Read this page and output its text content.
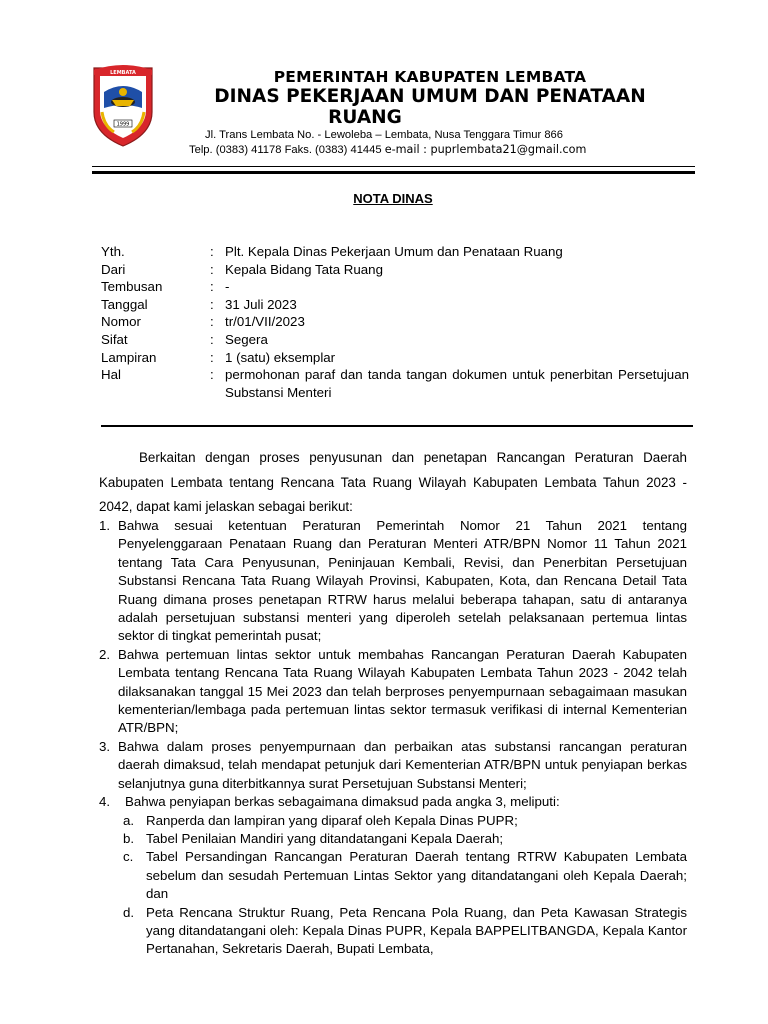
LEMBATA
1999
PEMERINTAH KABUPATEN LEMBATA
DINAS PEKERJAAN UMUM DAN PENATAAN
RUANG
Jl. Trans Lembata No. - Lewoleba – Lembata, Nusa Tenggara Timur 866
Telp. (0383) 41178 Faks. (0383) 41445 e-mail : puprlembata21@gmail.com
NOTA DINAS
Yth.	: Plt. Kepala Dinas Pekerjaan Umum dan Penataan Ruang
Dari	: Kepala Bidang Tata Ruang
Tembusan	: -
Tanggal	: 31 Juli 2023
Nomor	: tr/01/VII/2023
Sifat	: Segera
Lampiran	: 1 (satu) eksemplar
Hal	: permohonan paraf dan tanda tangan dokumen untuk penerbitan Persetujuan Substansi Menteri
Berkaitan dengan proses penyusunan dan penetapan Rancangan Peraturan Daerah Kabupaten Lembata tentang Rencana Tata Ruang Wilayah Kabupaten Lembata Tahun 2023 - 2042, dapat kami jelaskan sebagai berikut:
1. Bahwa sesuai ketentuan Peraturan Pemerintah Nomor 21 Tahun 2021 tentang Penyelenggaraan Penataan Ruang dan Peraturan Menteri ATR/BPN Nomor 11 Tahun 2021 tentang Tata Cara Penyusunan, Peninjauan Kembali, Revisi, dan Penerbitan Persetujuan Substansi Rencana Tata Ruang Wilayah Provinsi, Kabupaten, Kota, dan Rencana Detail Tata Ruang dimana proses penetapan RTRW harus melalui beberapa tahapan, satu di antaranya adalah persetujuan substansi menteri yang diperoleh setelah pelaksanaan pertemua lintas sektor di tingkat pemerintah pusat;
2. Bahwa pertemuan lintas sektor untuk membahas Rancangan Peraturan Daerah Kabupaten Lembata tentang Rencana Tata Ruang Wilayah Kabupaten Lembata Tahun 2023 - 2042 telah dilaksanakan tanggal 15 Mei 2023 dan telah berproses penyempurnaan sebagaimaan masukan kementerian/lembaga pada pertemuan lintas sektor termasuk verifikasi di internal Kementerian ATR/BPN;
3. Bahwa dalam proses penyempurnaan dan perbaikan atas substansi rancangan peraturan daerah dimaksud, telah mendapat petunjuk dari Kementerian ATR/BPN untuk penyiapan berkas selanjutnya guna diterbitkannya surat Persetujuan Substansi Menteri;
4.	Bahwa penyiapan berkas sebagaimana dimaksud pada angka 3, meliputi:
a. Ranperda dan lampiran yang diparaf oleh Kepala Dinas PUPR;
b. Tabel Penilaian Mandiri yang ditandatangani Kepala Daerah;
c. Tabel Persandingan Rancangan Peraturan Daerah tentang RTRW Kabupaten Lembata sebelum dan sesudah Pertemuan Lintas Sektor yang ditandatangani oleh Kepala Daerah; dan
d. Peta Rencana Struktur Ruang, Peta Rencana Pola Ruang, dan Peta Kawasan Strategis yang ditandatangani oleh: Kepala Dinas PUPR, Kepala BAPPELITBANGDA, Kepala Kantor Pertanahan, Sekretaris Daerah, Bupati Lembata,
